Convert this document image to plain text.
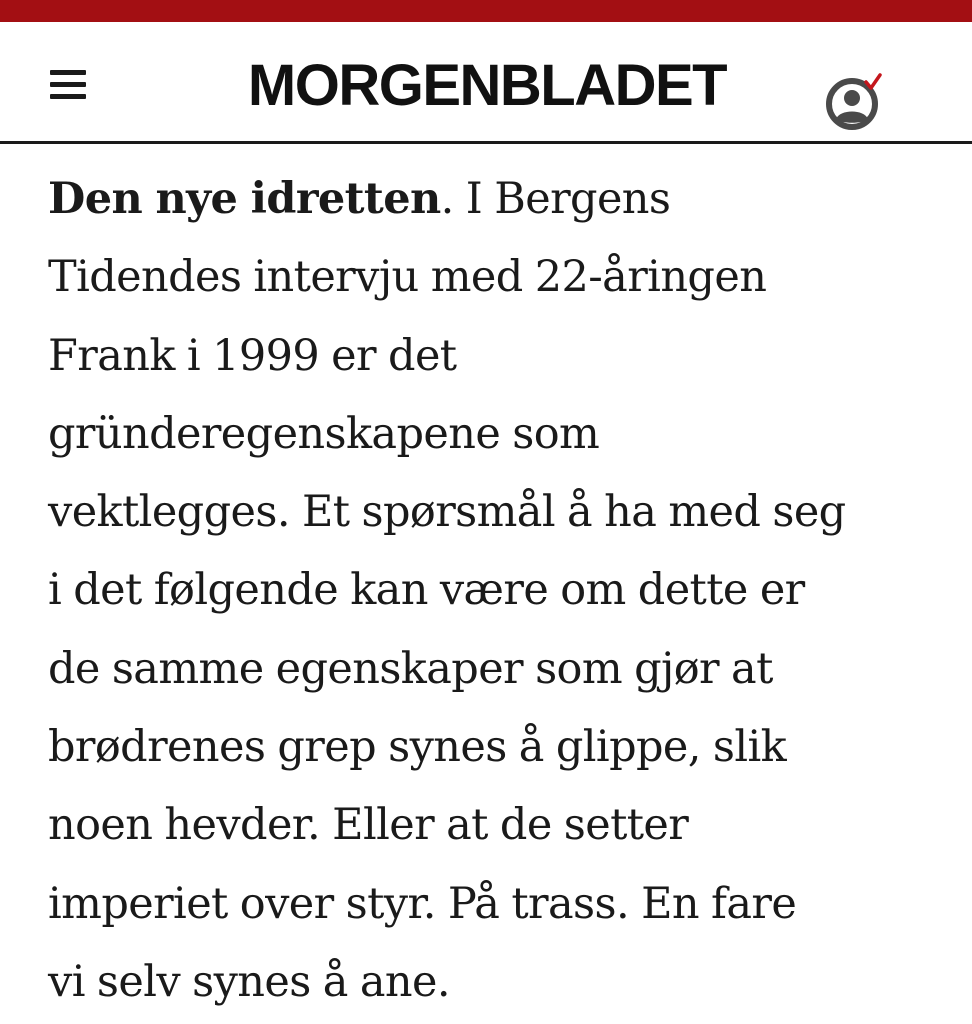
MORGENBLADET
Den nye idretten. I Bergens
Tidendes intervju med 22-åringen
Frank i 1999 er det
gründeregenskapene som
vektlegges. Et spørsmål å ha med seg
i det følgende kan være om dette er
de samme egenskaper som gjør at
brødrenes grep synes å glippe, slik
noen hevder. Eller at de setter
imperiet over styr. På trass. En fare
vi selv synes å ane.
